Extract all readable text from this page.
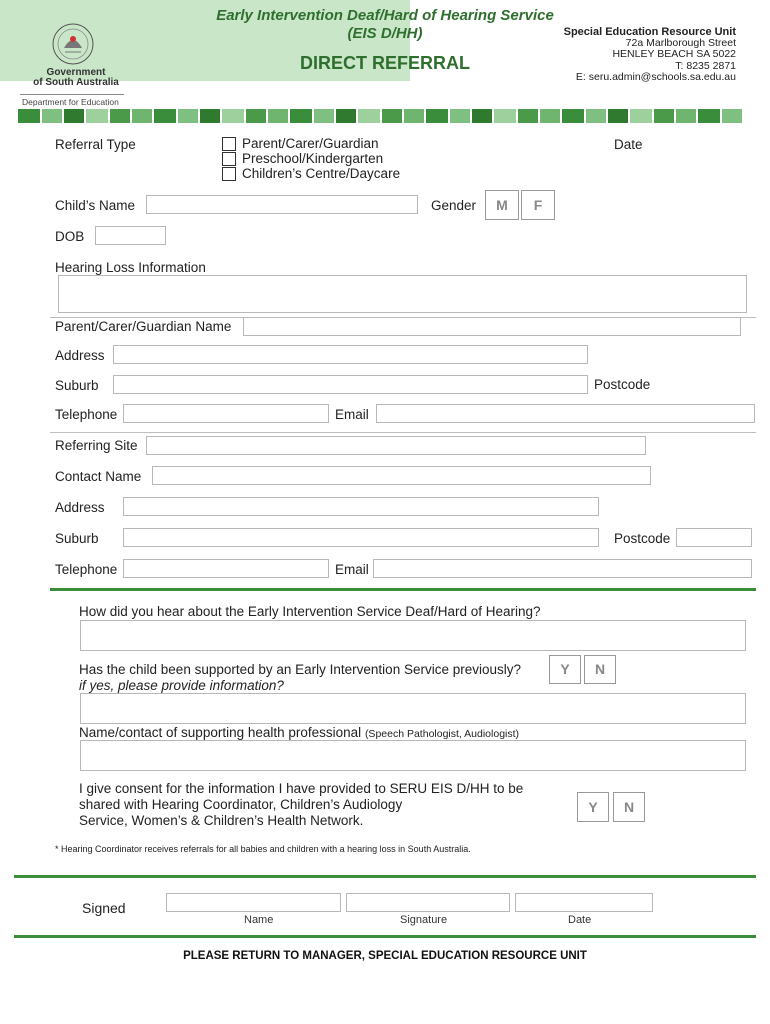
Government
of South Australia
Department for Education
Early Intervention Deaf/Hard of Hearing Service
(EIS D/HH)
DIRECT REFERRAL
Special Education Resource Unit
72a Marlborough Street
HENLEY BEACH SA 5022
T: 8235 2871
E: seru.admin@schools.sa.edu.au
Referral Type	Parent/Carer/Guardian
Preschool/Kindergarten
Children’s Centre/Daycare
Date
Child’s Name	Gender	M	F
DOB
Hearing Loss Information
Parent/Carer/Guardian Name
Address
Suburb	Postcode
Telephone	Email
Referring Site
Contact Name
Address
Suburb	Postcode
Telephone	Email
How did you hear about the Early Intervention Service Deaf/Hard of Hearing?
Has the child been supported by an Early Intervention Service previously?
if yes, please provide information?
Y	N
Name/contact of supporting health professional (Speech Pathologist, Audiologist)
I give consent for the information I have provided to SERU EIS D/HH to be
shared with Hearing Coordinator, Children’s Audiology
Service, Women’s & Children’s Health Network.
Y	N
* Hearing Coordinator receives referrals for all babies and children with a hearing loss in South Australia.
Signed
Name	Signature	Date
PLEASE RETURN TO MANAGER, SPECIAL EDUCATION RESOURCE UNIT
